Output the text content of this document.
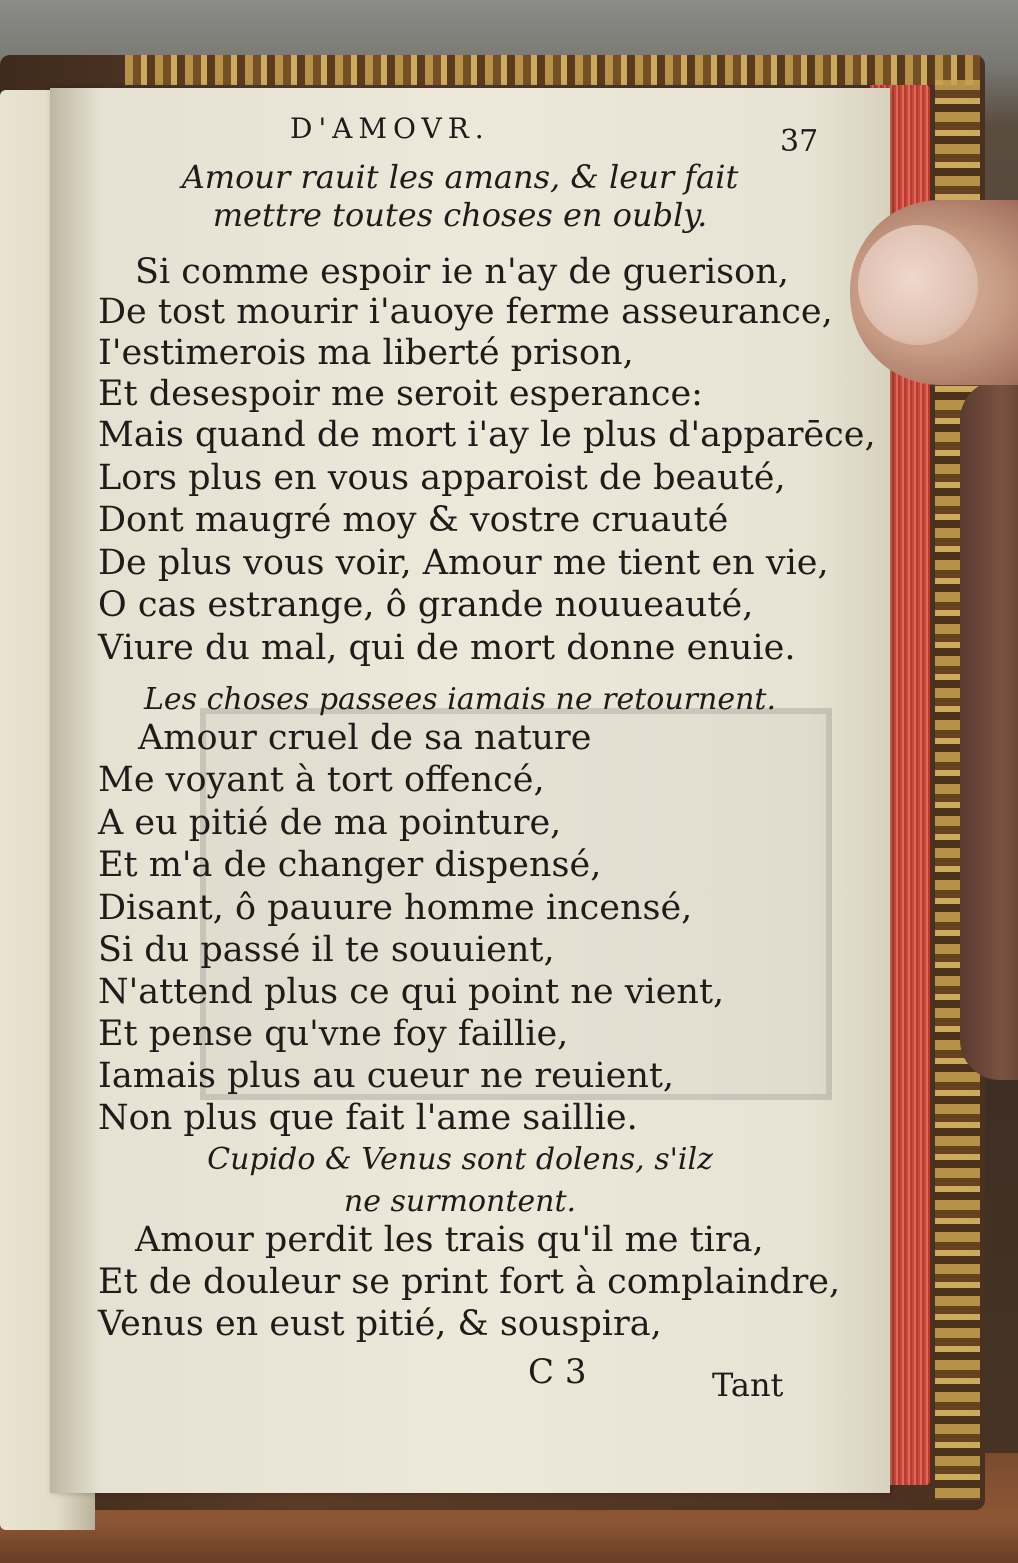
D'AMOVR.	37
Amour rauit les amans, & leur fait
mettre toutes choses en oubly.
Si comme espoir ie n'ay de guerison,
De tost mourir i'auoye ferme asseurance,
I'estimerois ma liberté prison,
Et desespoir me seroit esperance:
Mais quand de mort i'ay le plus d'apparēce,
Lors plus en vous apparoist de beauté,
Dont maugré moy & vostre cruauté
De plus vous voir, Amour me tient en vie,
O cas estrange, ô grande nouueauté,
Viure du mal, qui de mort donne enuie.
Les choses passees iamais ne retournent.
Amour cruel de sa nature
Me voyant à tort offencé,
A eu pitié de ma pointure,
Et m'a de changer dispensé,
Disant, ô pauure homme incensé,
Si du passé il te souuient,
N'attend plus ce qui point ne vient,
Et pense qu'vne foy faillie,
Iamais plus au cueur ne reuient,
Non plus que fait l'ame saillie.
Cupido & Venus sont dolens, s'ilz
ne surmontent.
Amour perdit les trais qu'il me tira,
Et de douleur se print fort à complaindre,
Venus en eust pitié, & souspira,
C 3	Tant
